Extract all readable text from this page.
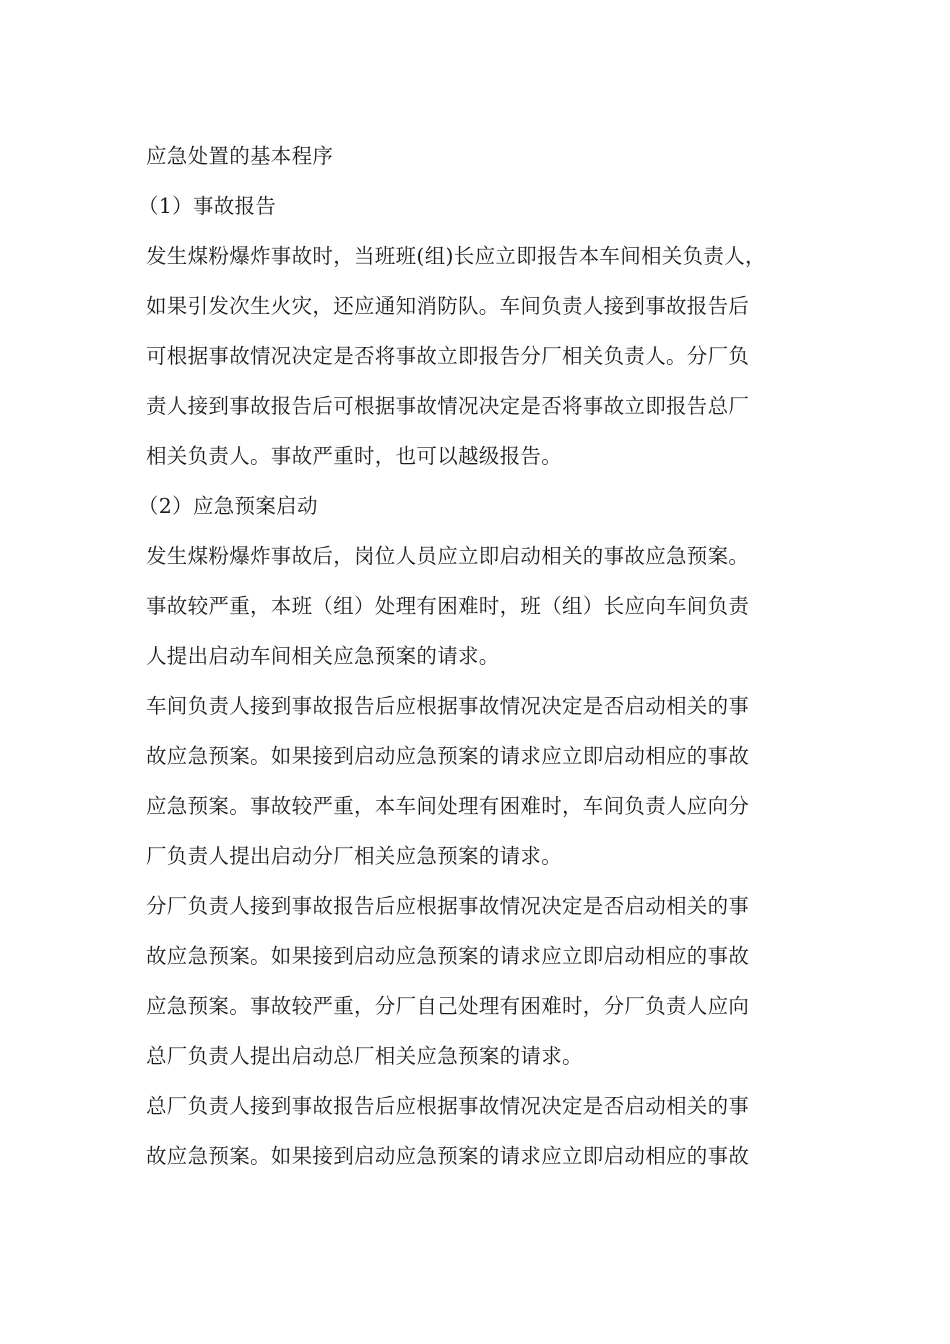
应急处置的基本程序
（1）事故报告
发生煤粉爆炸事故时，当班班(组)长应立即报告本车间相关负责人，
如果引发次生火灾，还应通知消防队。车间负责人接到事故报告后
可根据事故情况决定是否将事故立即报告分厂相关负责人。分厂负
责人接到事故报告后可根据事故情况决定是否将事故立即报告总厂
相关负责人。事故严重时，也可以越级报告。
（2）应急预案启动
发生煤粉爆炸事故后，岗位人员应立即启动相关的事故应急预案。
事故较严重，本班（组）处理有困难时，班（组）长应向车间负责
人提出启动车间相关应急预案的请求。
车间负责人接到事故报告后应根据事故情况决定是否启动相关的事
故应急预案。如果接到启动应急预案的请求应立即启动相应的事故
应急预案。事故较严重，本车间处理有困难时，车间负责人应向分
厂负责人提出启动分厂相关应急预案的请求。
分厂负责人接到事故报告后应根据事故情况决定是否启动相关的事
故应急预案。如果接到启动应急预案的请求应立即启动相应的事故
应急预案。事故较严重，分厂自己处理有困难时，分厂负责人应向
总厂负责人提出启动总厂相关应急预案的请求。
总厂负责人接到事故报告后应根据事故情况决定是否启动相关的事
故应急预案。如果接到启动应急预案的请求应立即启动相应的事故
